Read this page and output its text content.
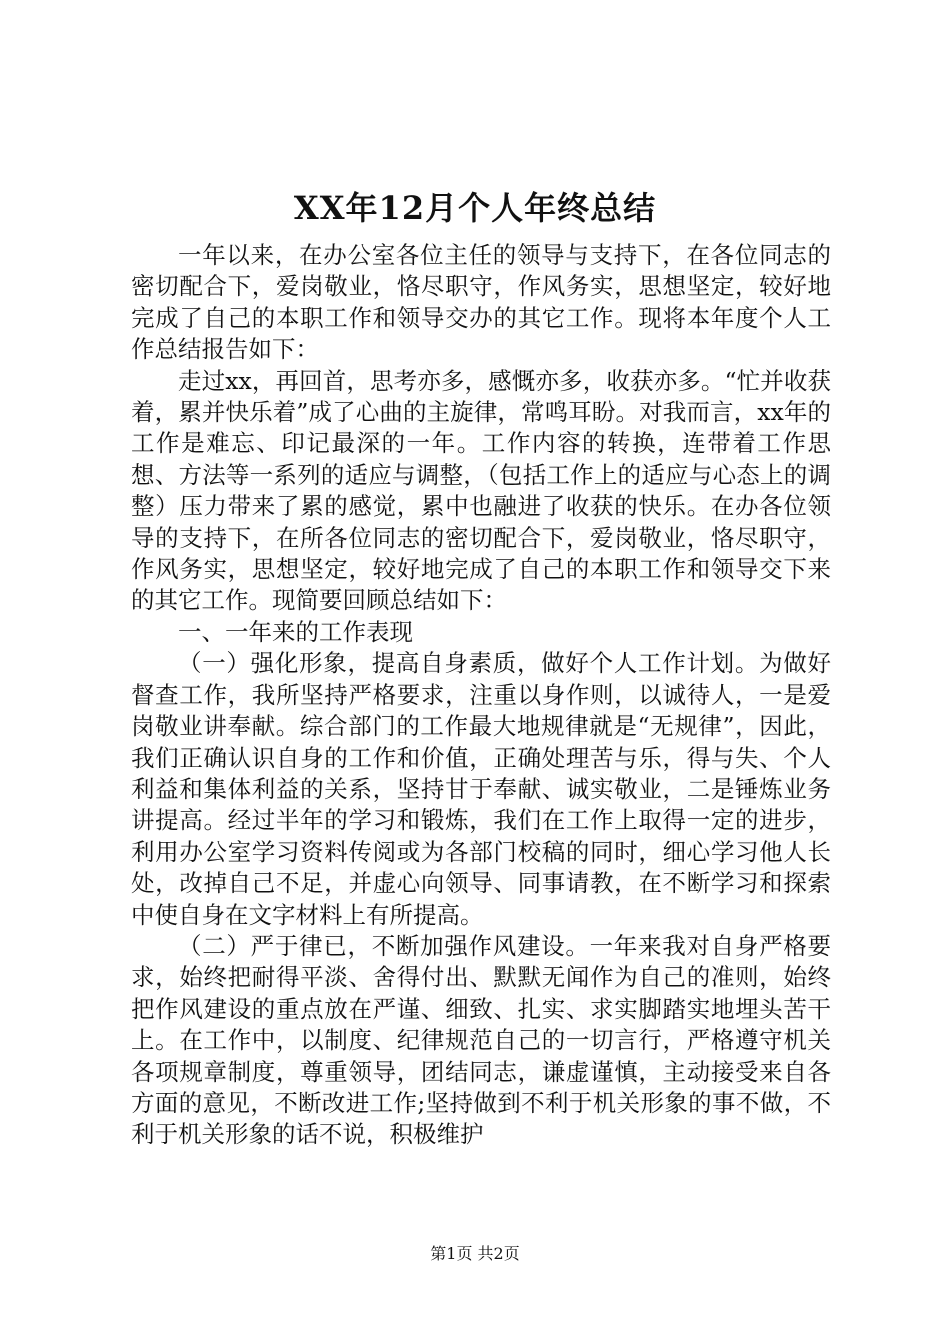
XX年12月个人年终总结

一年以来，在办公室各位主任的领导与支持下，在各位同志的密切配合下，爱岗敬业，恪尽职守，作风务实，思想坚定，较好地完成了自己的本职工作和领导交办的其它工作。现将本年度个人工作总结报告如下：

走过xx，再回首，思考亦多，感慨亦多，收获亦多。“忙并收获着，累并快乐着”成了心曲的主旋律，常鸣耳盼。对我而言，xx年的工作是难忘、印记最深的一年。工作内容的转换，连带着工作思想、方法等一系列的适应与调整，（包括工作上的适应与心态上的调整）压力带来了累的感觉，累中也融进了收获的快乐。在办各位领导的支持下，在所各位同志的密切配合下，爱岗敬业，恪尽职守，作风务实，思想坚定，较好地完成了自己的本职工作和领导交下来的其它工作。现简要回顾总结如下：

一、一年来的工作表现

（一）强化形象，提高自身素质，做好个人工作计划。为做好督查工作，我所坚持严格要求，注重以身作则，以诚待人，一是爱岗敬业讲奉献。综合部门的工作最大地规律就是“无规律”，因此，我们正确认识自身的工作和价值，正确处理苦与乐，得与失、个人利益和集体利益的关系，坚持甘于奉献、诚实敬业，二是锤炼业务讲提高。经过半年的学习和锻炼，我们在工作上取得一定的进步，利用办公室学习资料传阅或为各部门校稿的同时，细心学习他人长处，改掉自己不足，并虚心向领导、同事请教，在不断学习和探索中使自身在文字材料上有所提高。

（二）严于律已，不断加强作风建设。一年来我对自身严格要求，始终把耐得平淡、舍得付出、默默无闻作为自己的准则，始终把作风建设的重点放在严谨、细致、扎实、求实脚踏实地埋头苦干上。在工作中，以制度、纪律规范自己的一切言行，严格遵守机关各项规章制度，尊重领导，团结同志，谦虚谨慎，主动接受来自各方面的意见，不断改进工作;坚持做到不利于机关形象的事不做，不利于机关形象的话不说，积极维护

第1页 共2页
